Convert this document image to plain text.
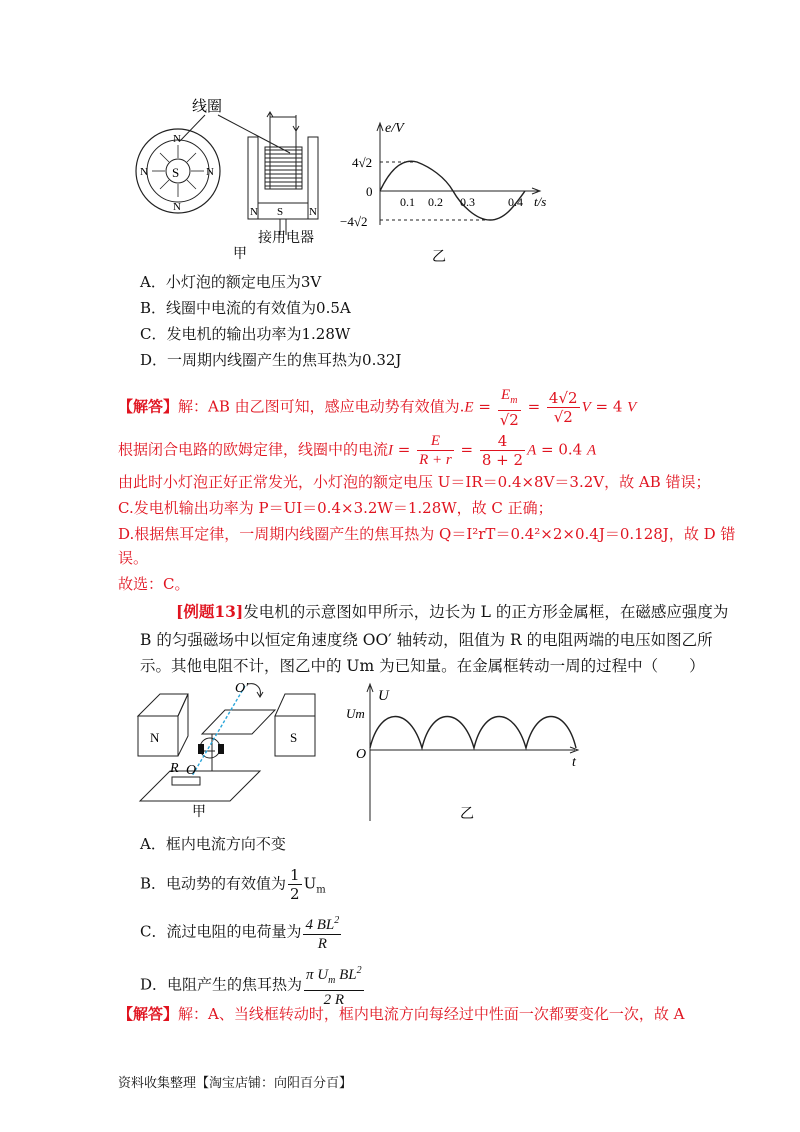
线圈
S
N
N
N	N
N S N
接用电器
甲
e/V
t/s
4√2
0
−4√2
0.1 0.2 0.3	0.4
乙
A．小灯泡的额定电压为3V
B．线圈中电流的有效值为0.5A
C．发电机的输出功率为1.28W
D．一周期内线圈产生的焦耳热为0.32J
【解答】解：AB 由乙图可知，感应电动势有效值为$.E = \frac{E_m}{√2} = \frac{4√2}{√2}$ V = 4 V
根据闭合电路的欧姆定律，线圈中的电流$I = \frac{E}{R + r} = \frac{4}{8 + 2}$ A = 0.4 A
由此时小灯泡正好正常发光，小灯泡的额定电压 U＝IR＝0.4×8V＝3.2V，故 AB 错误；
C.发电机输出功率为 P＝UI＝0.4×3.2W＝1.28W，故 C 正确；
D.根据焦耳定律，一周期内线圈产生的焦耳热为 Q＝I²rT＝0.4²×2×0.4J＝0.128J，故 D 错
误。
故选：C。
[例题13]发电机的示意图如甲所示，边长为 L 的正方形金属框，在磁感应强度为
B 的匀强磁场中以恒定角速度绕 OO′ 轴转动，阻值为 R 的电阻两端的电压如图乙所
示。其他电阻不计，图乙中的 Um 为已知量。在金属框转动一周的过程中（　　）
N	S
O′
O
R
甲
U
Um
O
t
乙
A．框内电流方向不变
B．电动势的有效值为 $\frac{1}{2} U_m$
C．流过电阻的电荷量为 $\frac{4 BL^2}{R}$
D．电阻产生的焦耳热为 $\frac{\pi U_m BL^2}{2 R}$
【解答】解：A、当线框转动时，框内电流方向每经过中性面一次都要变化一次，故 A
资料收集整理【淘宝店铺：向阳百分百】
